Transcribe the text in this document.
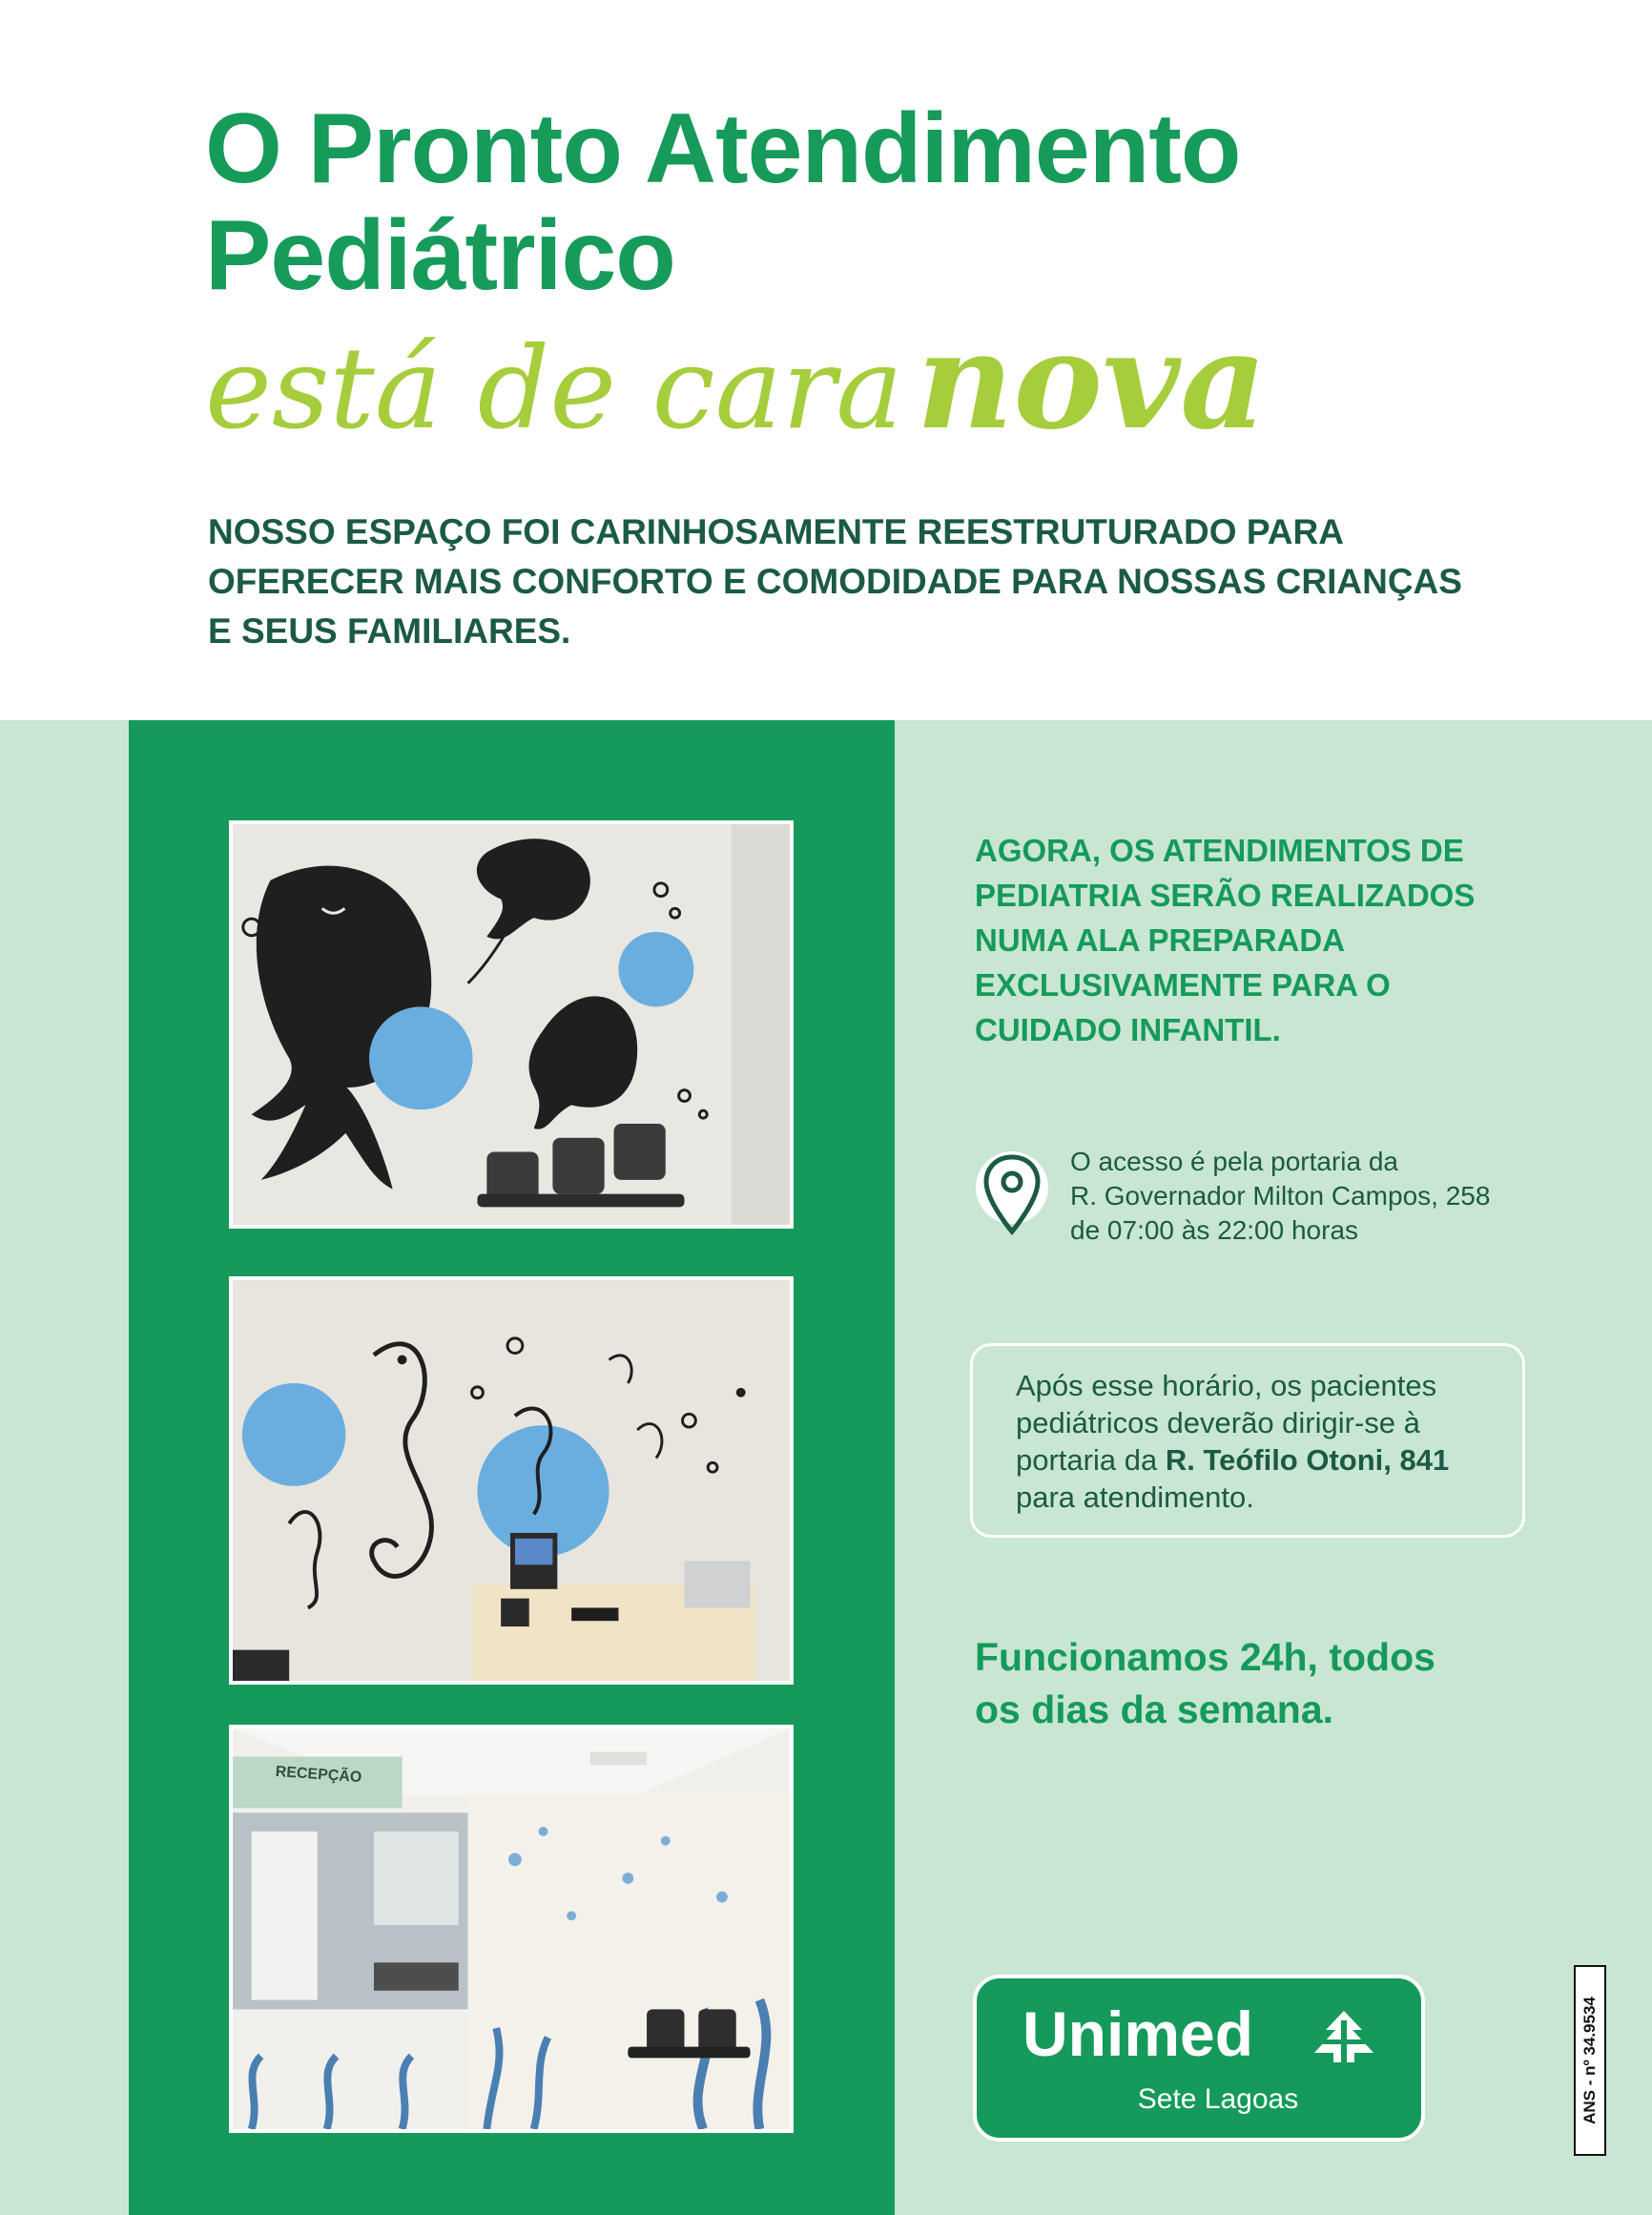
O Pronto Atendimento
Pediátrico
está de cara nova
NOSSO ESPAÇO FOI CARINHOSAMENTE REESTRUTURADO PARA
OFERECER MAIS CONFORTO E COMODIDADE PARA NOSSAS CRIANÇAS
E SEUS FAMILIARES.
RECEPÇÃO
AGORA, OS ATENDIMENTOS DE
PEDIATRIA SERÃO REALIZADOS
NUMA ALA PREPARADA
EXCLUSIVAMENTE PARA O
CUIDADO INFANTIL.
O acesso é pela portaria da
R. Governador Milton Campos, 258
de 07:00 às 22:00 horas
Após esse horário, os pacientes
pediátricos deverão dirigir-se à
portaria da R. Teófilo Otoni, 841
para atendimento.
Funcionamos 24h, todos
os dias da semana.
Unimed
Sete Lagoas	ANS - nº 34.9534
